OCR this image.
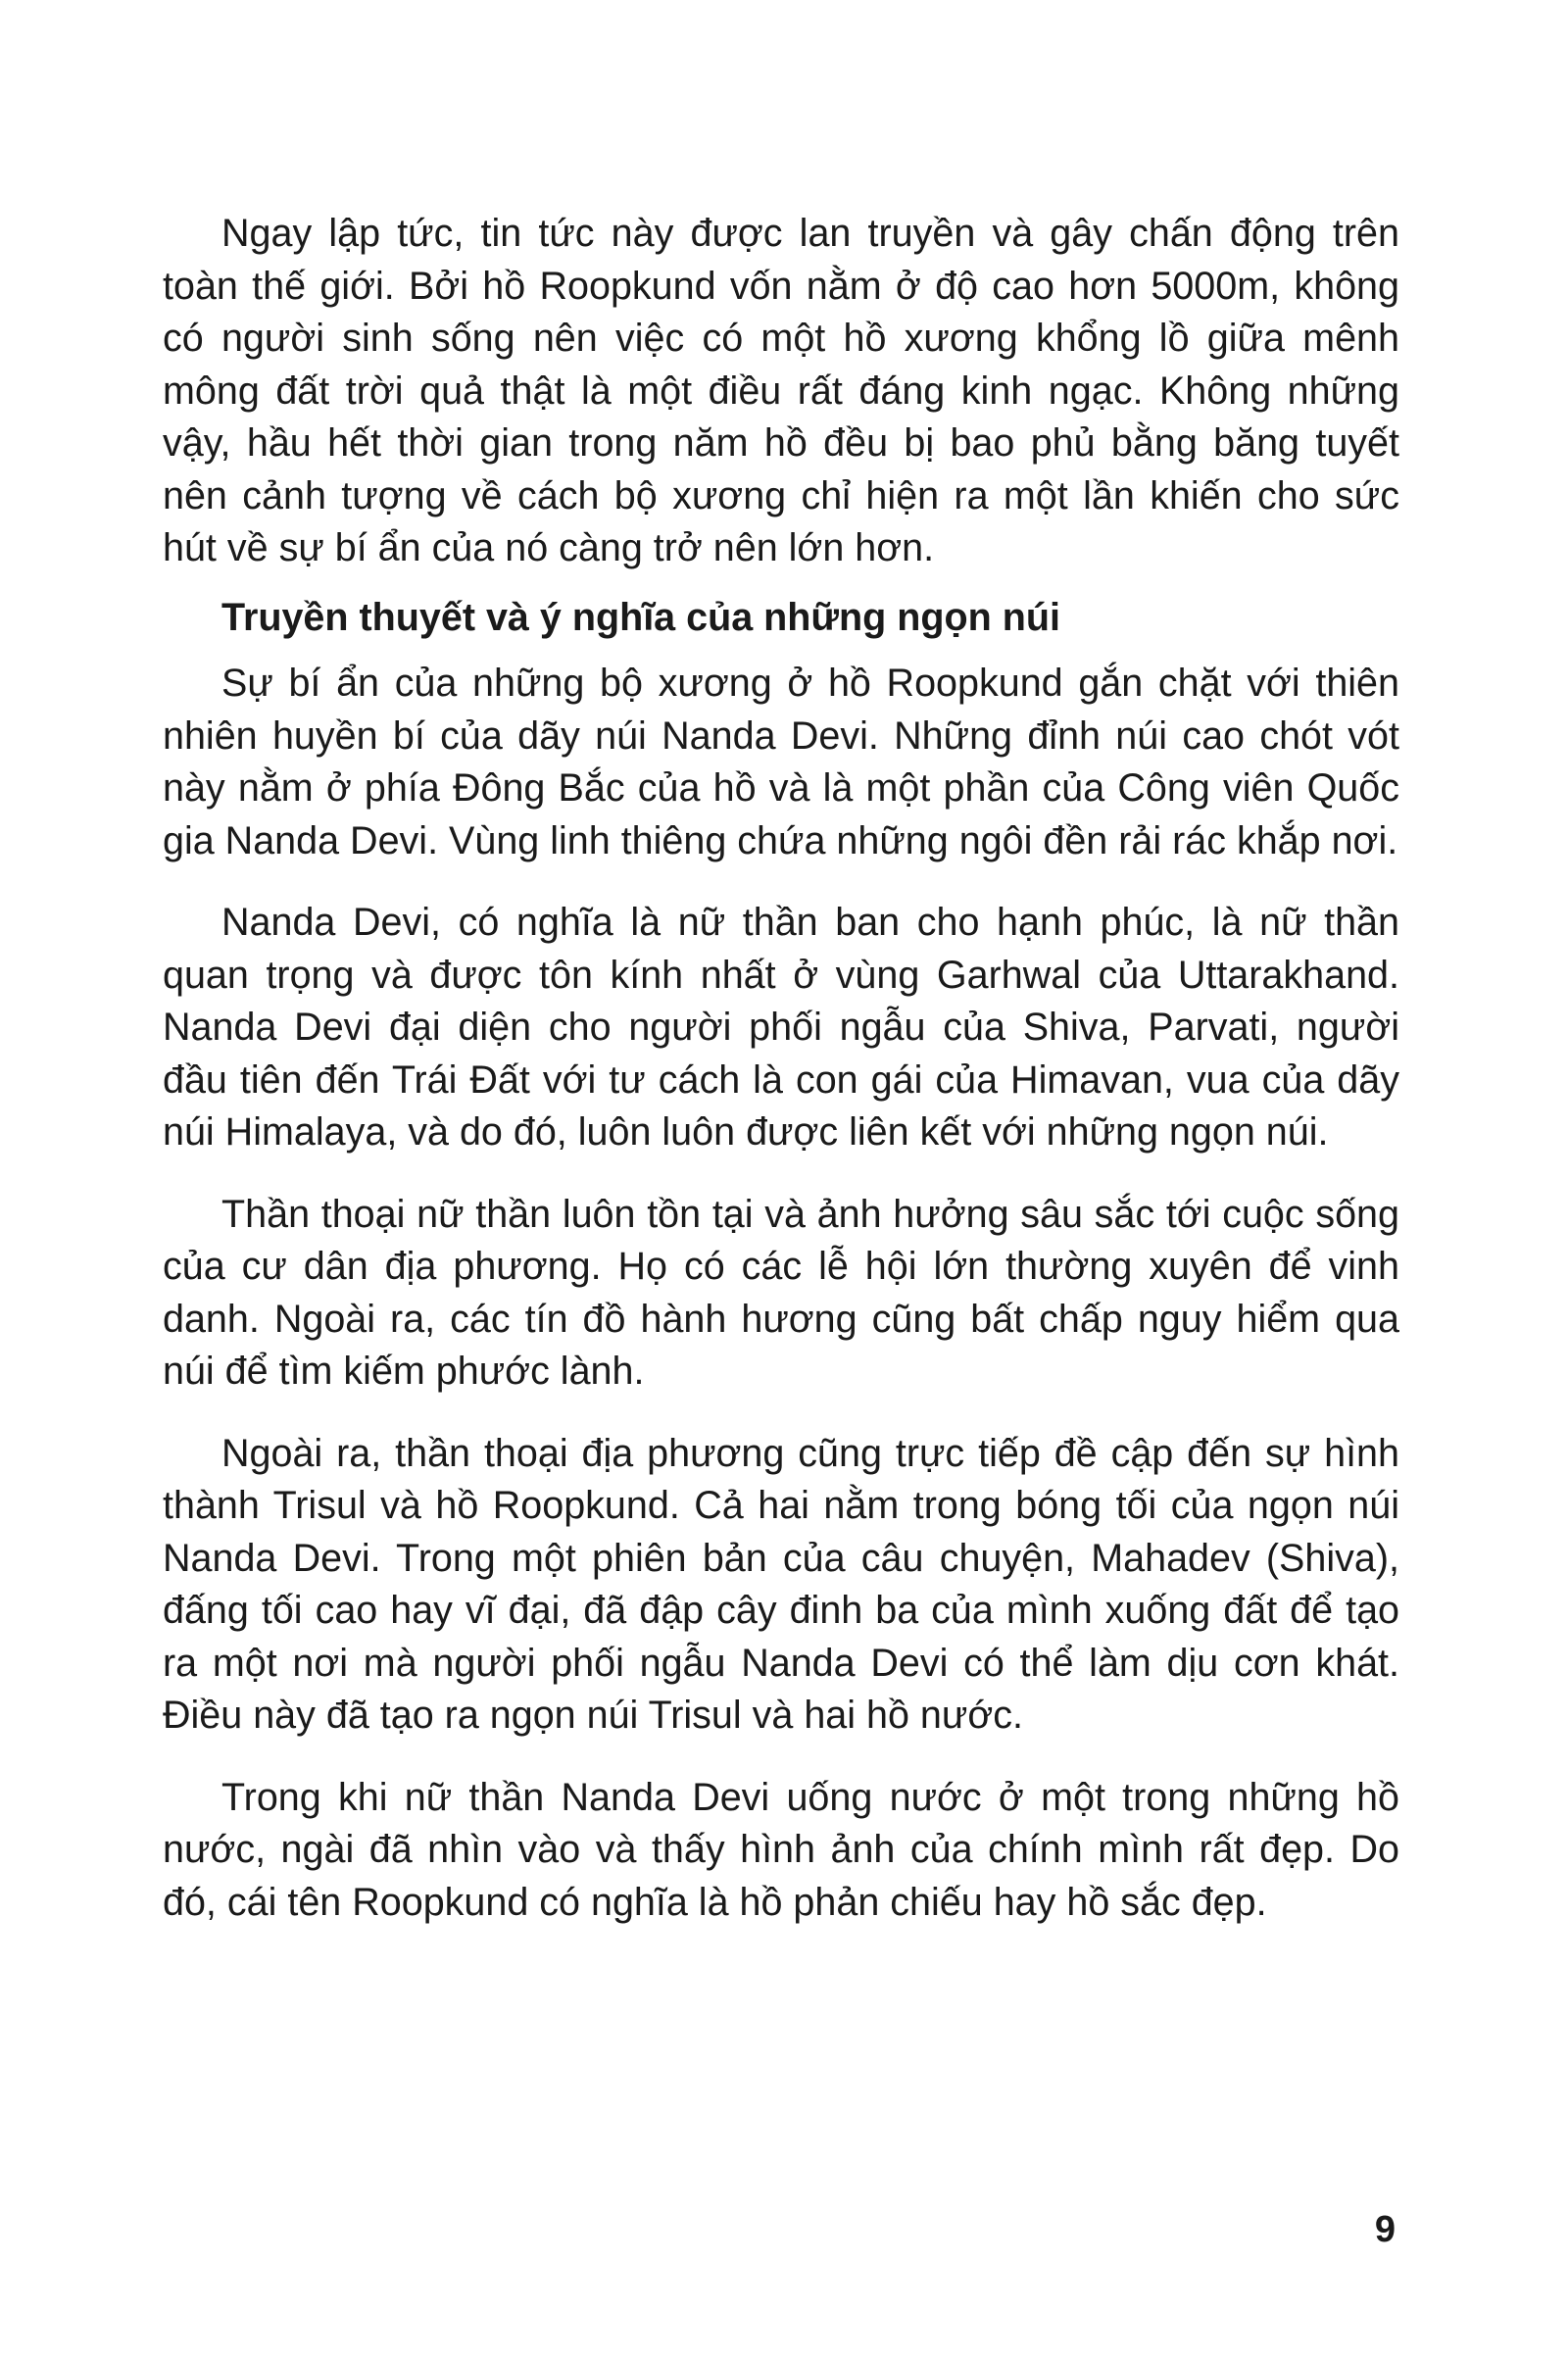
Ngay lập tức, tin tức này được lan truyền và gây chấn động trên toàn thế giới. Bởi hồ Roopkund vốn nằm ở độ cao hơn 5000m, không có người sinh sống nên việc có một hồ xương khổng lồ giữa mênh mông đất trời quả thật là một điều rất đáng kinh ngạc. Không những vậy, hầu hết thời gian trong năm hồ đều bị bao phủ bằng băng tuyết nên cảnh tượng về cách bộ xương chỉ hiện ra một lần khiến cho sức hút về sự bí ẩn của nó càng trở nên lớn hơn.

Truyền thuyết và ý nghĩa của những ngọn núi

Sự bí ẩn của những bộ xương ở hồ Roopkund gắn chặt với thiên nhiên huyền bí của dãy núi Nanda Devi. Những đỉnh núi cao chót vót này nằm ở phía Đông Bắc của hồ và là một phần của Công viên Quốc gia Nanda Devi. Vùng linh thiêng chứa những ngôi đền rải rác khắp nơi.

Nanda Devi, có nghĩa là nữ thần ban cho hạnh phúc, là nữ thần quan trọng và được tôn kính nhất ở vùng Garhwal của Uttarakhand. Nanda Devi đại diện cho người phối ngẫu của Shiva, Parvati, người đầu tiên đến Trái Đất với tư cách là con gái của Himavan, vua của dãy núi Himalaya, và do đó, luôn luôn được liên kết với những ngọn núi.

Thần thoại nữ thần luôn tồn tại và ảnh hưởng sâu sắc tới cuộc sống của cư dân địa phương. Họ có các lễ hội lớn thường xuyên để vinh danh. Ngoài ra, các tín đồ hành hương cũng bất chấp nguy hiểm qua núi để tìm kiếm phước lành.

Ngoài ra, thần thoại địa phương cũng trực tiếp đề cập đến sự hình thành Trisul và hồ Roopkund. Cả hai nằm trong bóng tối của ngọn núi Nanda Devi. Trong một phiên bản của câu chuyện, Mahadev (Shiva), đấng tối cao hay vĩ đại, đã đập cây đinh ba của mình xuống đất để tạo ra một nơi mà người phối ngẫu Nanda Devi có thể làm dịu cơn khát. Điều này đã tạo ra ngọn núi Trisul và hai hồ nước.

Trong khi nữ thần Nanda Devi uống nước ở một trong những hồ nước, ngài đã nhìn vào và thấy hình ảnh của chính mình rất đẹp. Do đó, cái tên Roopkund có nghĩa là hồ phản chiếu hay hồ sắc đẹp.

9
